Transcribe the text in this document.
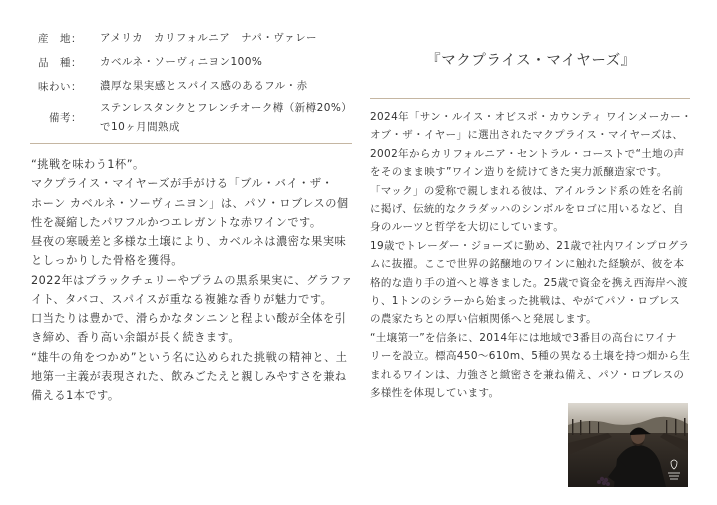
産　地： アメリカ　カリフォルニア　ナパ・ヴァレー
品　種： カベルネ・ソーヴィニヨン100%
味わい： 濃厚な果実感とスパイス感のあるフル・赤
備考：
ステンレスタンクとフレンチオーク樽（新樽20%）
で10ヶ月間熟成
“挑戦を味わう1杯”。
マクプライス・マイヤーズが手がける「ブル・バイ・ザ・
ホーン カベルネ・ソーヴィニヨン」は、パソ・ロブレスの個
性を凝縮したパワフルかつエレガントな赤ワインです。
昼夜の寒暖差と多様な土壌により、カベルネは濃密な果実味
としっかりした骨格を獲得。
2022年はブラックチェリーやプラムの黒系果実に、グラファ
イト、タバコ、スパイスが重なる複雑な香りが魅力です。
口当たりは豊かで、滑らかなタンニンと程よい酸が全体を引
き締め、香り高い余韻が長く続きます。
“雄牛の角をつかめ”という名に込められた挑戦の精神と、土
地第一主義が表現された、飲みごたえと親しみやすさを兼ね
備える1本です。
『マクプライス・マイヤーズ』
2024年「サン・ルイス・オビスポ・カウンティ ワインメーカー・
オブ・ザ・イヤー」に選出されたマクプライス・マイヤーズは、
2002年からカリフォルニア・セントラル・コーストで“土地の声
をそのまま映す”ワイン造りを続けてきた実力派醸造家です。
「マック」の愛称で親しまれる彼は、アイルランド系の姓を名前
に掲げ、伝統的なクラダッハのシンボルをロゴに用いるなど、自
身のルーツと哲学を大切にしています。
19歳でトレーダー・ジョーズに勤め、21歳で社内ワインプログラ
ムに抜擢。ここで世界の銘醸地のワインに触れた経験が、彼を本
格的な造り手の道へと導きました。25歳で資金を携え西海岸へ渡
り、1トンのシラーから始まった挑戦は、やがてパソ・ロブレス
の農家たちとの厚い信頼関係へと発展します。
“土壌第一”を信条に、2014年には地域で3番目の高台にワイナ
リーを設立。標高450～610m、5種の異なる土壌を持つ畑から生
まれるワインは、力強さと緻密さを兼ね備え、パソ・ロブレスの
多様性を体現しています。
